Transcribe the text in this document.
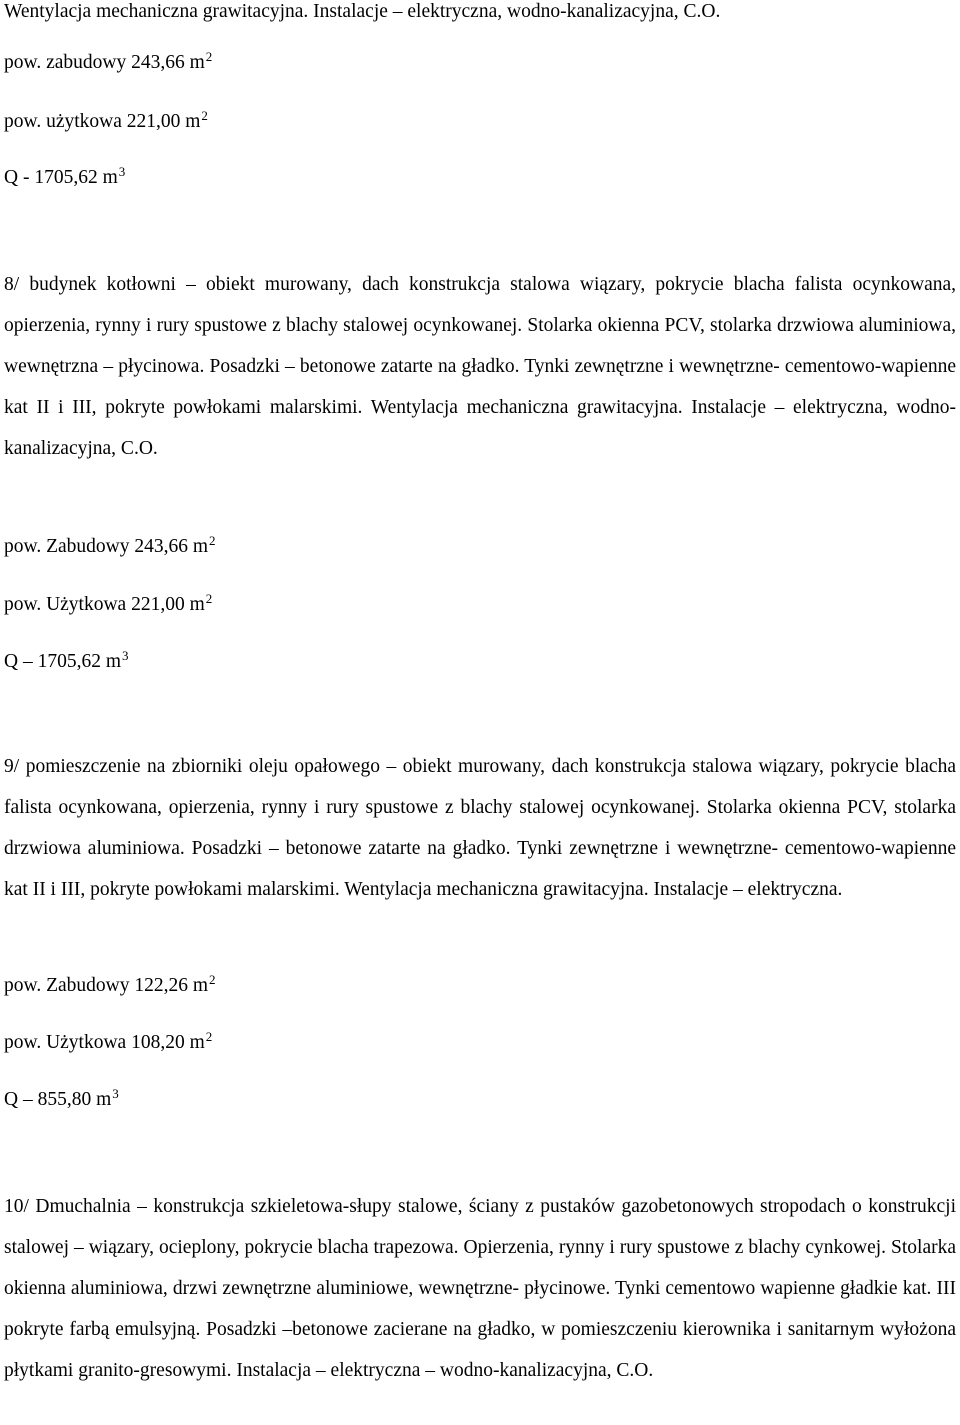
Wentylacja mechaniczna grawitacyjna. Instalacje – elektryczna, wodno-kanalizacyjna, C.O.
pow. zabudowy 243,66 $m^2$
pow. użytkowa 221,00 $m^2$
Q - 1705,62 $m^3$
8/ budynek kotłowni – obiekt murowany, dach konstrukcja stalowa wiązary, pokrycie blacha falista ocynkowana, opierzenia, rynny i rury spustowe z blachy stalowej ocynkowanej. Stolarka okienna PCV, stolarka drzwiowa aluminiowa, wewnętrzna – płycinowa. Posadzki – betonowe zatarte na gładko. Tynki zewnętrzne i wewnętrzne- cementowo-wapienne kat II i III, pokryte powłokami malarskimi. Wentylacja mechaniczna grawitacyjna. Instalacje – elektryczna, wodno-kanalizacyjna, C.O.
pow. Zabudowy 243,66 $m^2$
pow. Użytkowa 221,00 $m^2$
Q – 1705,62 $m^3$
9/ pomieszczenie na zbiorniki oleju opałowego – obiekt murowany, dach konstrukcja stalowa wiązary, pokrycie blacha falista ocynkowana, opierzenia, rynny i rury spustowe z blachy stalowej ocynkowanej. Stolarka okienna PCV, stolarka drzwiowa aluminiowa. Posadzki – betonowe zatarte na gładko. Tynki zewnętrzne i wewnętrzne- cementowo-wapienne kat II i III, pokryte powłokami malarskimi. Wentylacja mechaniczna grawitacyjna. Instalacje – elektryczna.
pow. Zabudowy 122,26 $m^2$
pow. Użytkowa 108,20 $m^2$
Q – 855,80 $m^3$
10/ Dmuchalnia – konstrukcja szkieletowa-słupy stalowe, ściany z pustaków gazobetonowych stropodach o konstrukcji stalowej – wiązary, ocieplony, pokrycie blacha trapezowa. Opierzenia, rynny i rury spustowe z blachy cynkowej. Stolarka okienna aluminiowa, drzwi zewnętrzne aluminiowe, wewnętrzne- płycinowe. Tynki cementowo wapienne gładkie kat. III pokryte farbą emulsyjną. Posadzki –betonowe zacierane na gładko, w pomieszczeniu kierownika i sanitarnym wyłożona płytkami granito-gresowymi. Instalacja – elektryczna – wodno-kanalizacyjna, C.O.
